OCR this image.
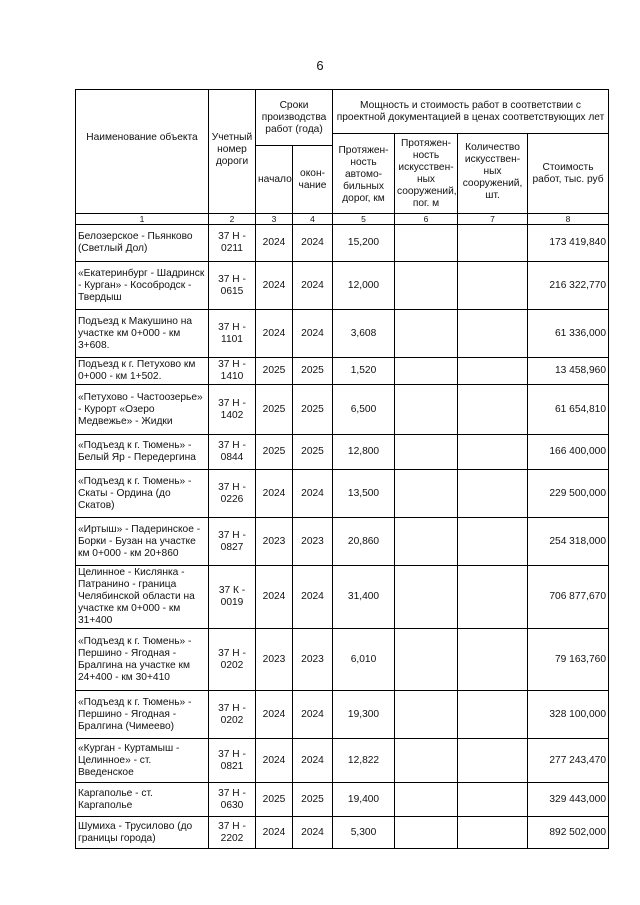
6
Наименование объекта	Учетный номер дороги	Сроки производства работ (года)		Мощность и стоимость работ в соответствии с проектной документацией в ценах соответствующих лет			
				Протяжен-ность автомо-бильных дорог, км	Протяжен-ность искусствен-ных сооружений, пог. м	Количество искусствен-ных сооружений, шт.	Стоимость работ, тыс. руб
		начало	окон-чание				
1	2	3	4	5	6	7	8
Белозерское - Пьянково (Светлый Дол)	37 Н - 0211	2024	2024	15,200			173 419,840
«Екатеринбург - Шадринск - Курган» - Кособродск - Твердыш	37 Н - 0615	2024	2024	12,000			216 322,770
Подъезд к Макушино на участке км 0+000 - км 3+608.	37 Н - 1101	2024	2024	3,608			61 336,000
Подъезд к г. Петухово км 0+000 - км 1+502.	37 Н - 1410	2025	2025	1,520			13 458,960
«Петухово - Частоозерье» - Курорт «Озеро Медвежье» - Жидки	37 Н - 1402	2025	2025	6,500			61 654,810
«Подъезд к г. Тюмень» - Белый Яр - Передергина	37 Н - 0844	2025	2025	12,800			166 400,000
«Подъезд к г. Тюмень» - Скаты - Ордина (до Скатов)	37 Н - 0226	2024	2024	13,500			229 500,000
«Иртыш» - Падеринское - Борки - Бузан на участке км 0+000 - км 20+860	37 Н - 0827	2023	2023	20,860			254 318,000
Целинное - Кислянка - Патранино - граница Челябинской области на участке км 0+000 - км 31+400	37 К - 0019	2024	2024	31,400			706 877,670
«Подъезд к г. Тюмень» - Першино - Ягодная - Бралгина на участке км 24+400 - км 30+410	37 Н - 0202	2023	2023	6,010			79 163,760
«Подъезд к г. Тюмень» - Першино - Ягодная - Бралгина (Чимеево)	37 Н - 0202	2024	2024	19,300			328 100,000
«Курган - Куртамыш - Целинное» - ст. Введенское	37 Н - 0821	2024	2024	12,822			277 243,470
Каргаполье - ст. Каргаполье	37 Н - 0630	2025	2025	19,400			329 443,000
Шумиха - Трусилово (до границы города)	37 Н - 2202	2024	2024	5,300			892 502,000
